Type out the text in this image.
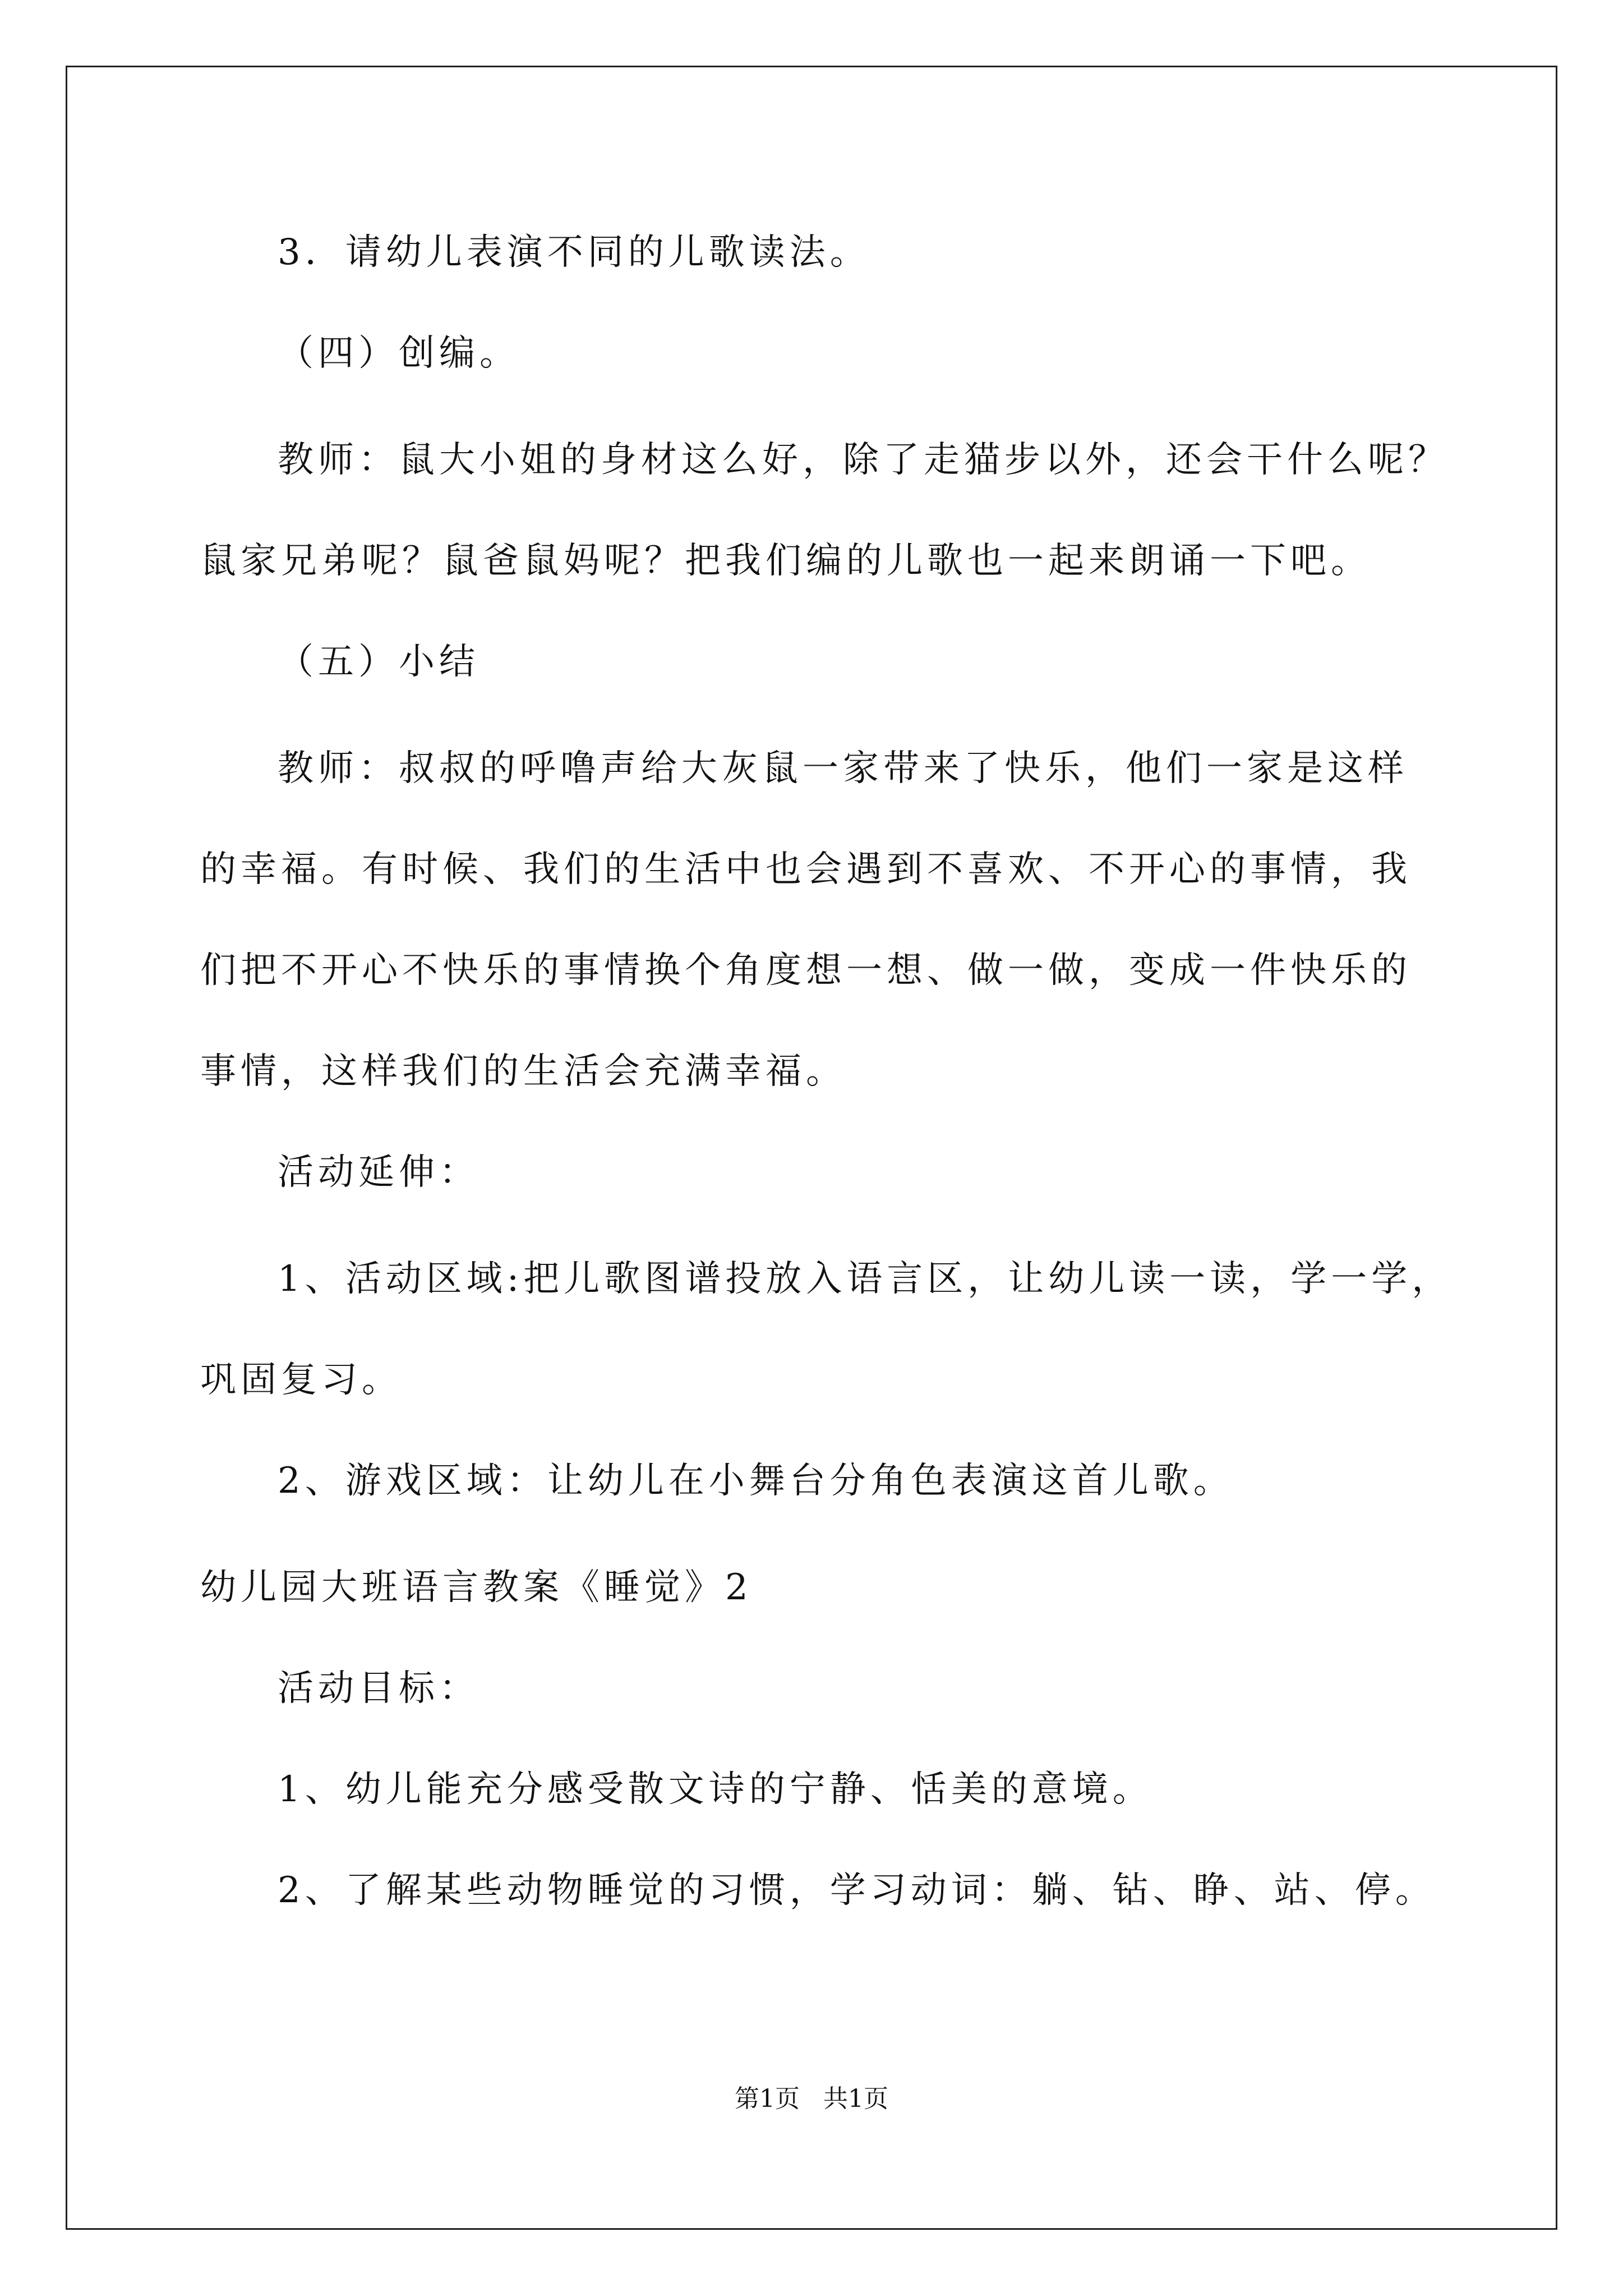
3．请幼儿表演不同的儿歌读法。
（四）创编。
教师：鼠大小姐的身材这么好，除了走猫步以外，还会干什么呢？
鼠家兄弟呢？鼠爸鼠妈呢？把我们编的儿歌也一起来朗诵一下吧。
（五）小结
教师：叔叔的呼噜声给大灰鼠一家带来了快乐，他们一家是这样
的幸福。有时候、我们的生活中也会遇到不喜欢、不开心的事情，我
们把不开心不快乐的事情换个角度想一想、做一做，变成一件快乐的
事情，这样我们的生活会充满幸福。
活动延伸：
1、活动区域:把儿歌图谱投放入语言区，让幼儿读一读，学一学，
巩固复习。
2、游戏区域：让幼儿在小舞台分角色表演这首儿歌。
幼儿园大班语言教案《睡觉》2
活动目标：
1、幼儿能充分感受散文诗的宁静、恬美的意境。
2、了解某些动物睡觉的习惯，学习动词：躺、钻、睁、站、停。
第1页 共1页
